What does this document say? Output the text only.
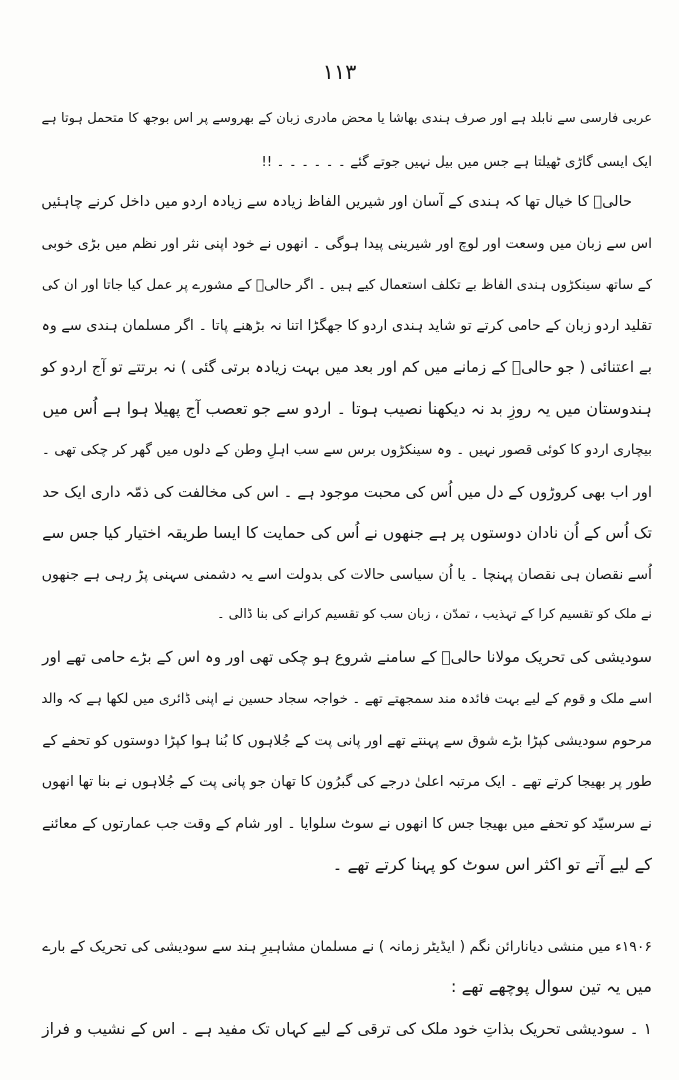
۱۱۳
عربی فارسی سے نابلد ہے اور صرف ہندی بھاشا یا محض مادری زبان کے بھروسے پر اس بوجھ کا متحمل ہوتا ہے
ایک ایسی گاڑی ٹھیلتا ہے جس میں بیل نہیں جوتے گئے ۔ ۔ ۔ ۔ ۔ ۔ !!
حالیؔ کا خیال تھا کہ ہندی کے آسان اور شیریں الفاظ زیادہ سے زیادہ اردو میں داخل کرنے چاہئیں
اس سے زبان میں وسعت اور لوچ اور شیرینی پیدا ہوگی ۔ انھوں نے خود اپنی نثر اور نظم میں بڑی خوبی
کے ساتھ سینکڑوں ہندی الفاظ بے تکلف استعمال کیے ہیں ۔ اگر حالیؔ کے مشورے پر عمل کیا جاتا اور ان کی
تقلید اردو زبان کے حامی کرتے تو شاید ہندی اردو کا جھگڑا اتنا نہ بڑھنے پاتا ۔ اگر مسلمان ہندی سے وہ
بے اعتنائی ( جو حالیؔ کے زمانے میں کم اور بعد میں بہت زیادہ برتی گئی ) نہ برتتے تو آج اردو کو
ہندوستان میں یہ روزِ بد نہ دیکھنا نصیب ہوتا ۔ اردو سے جو تعصب آج پھیلا ہوا ہے اُس میں
بیچاری اردو کا کوئی قصور نہیں ۔ وہ سینکڑوں برس سے سب اہلِ وطن کے دلوں میں گھر کر چکی تھی ۔
اور اب بھی کروڑوں کے دل میں اُس کی محبت موجود ہے ۔ اس کی مخالفت کی ذمّہ داری ایک حد
تک اُس کے اُن نادان دوستوں پر ہے جنھوں نے اُس کی حمایت کا ایسا طریقہ اختیار کیا جس سے
اُسے نقصان ہی نقصان پہنچا ۔ یا اُن سیاسی حالات کی بدولت اسے یہ دشمنی سہنی پڑ رہی ہے جنھوں
نے ملک کو تقسیم کرا کے تہذیب ، تمدّن ، زبان سب کو تقسیم کرانے کی بنا ڈالی ۔
سودیشی کی تحریک مولانا حالیؔ کے سامنے شروع ہو چکی تھی اور وہ اس کے بڑے حامی تھے اور
اسے ملک و قوم کے لیے بہت فائدہ مند سمجھتے تھے ۔ خواجہ سجاد حسین نے اپنی ڈائری میں لکھا ہے کہ والد
مرحوم سودیشی کپڑا بڑے شوق سے پہنتے تھے اور پانی پت کے جُلاہوں کا بُنا ہوا کپڑا دوستوں کو تحفے کے
طور پر بھیجا کرتے تھے ۔ ایک مرتبہ اعلیٰ درجے کی گبرُون کا تھان جو پانی پت کے جُلاہوں نے بنا تھا انھوں
نے سرسیّد کو تحفے میں بھیجا جس کا انھوں نے سوٹ سلوایا ۔ اور شام کے وقت جب عمارتوں کے معائنے
کے لیے آتے تو اکثر اس سوٹ کو پہنا کرتے تھے ۔
۱۹۰۶ء میں منشی دیانارائن نگم ( ایڈیٹر زمانہ ) نے مسلمان مشاہیرِ ہند سے سودیشی کی تحریک کے بارے
میں یہ تین سوال پوچھے تھے :
۱ ۔ سودیشی تحریک بذاتِ خود ملک کی ترقی کے لیے کہاں تک مفید ہے ۔ اس کے نشیب و فراز
